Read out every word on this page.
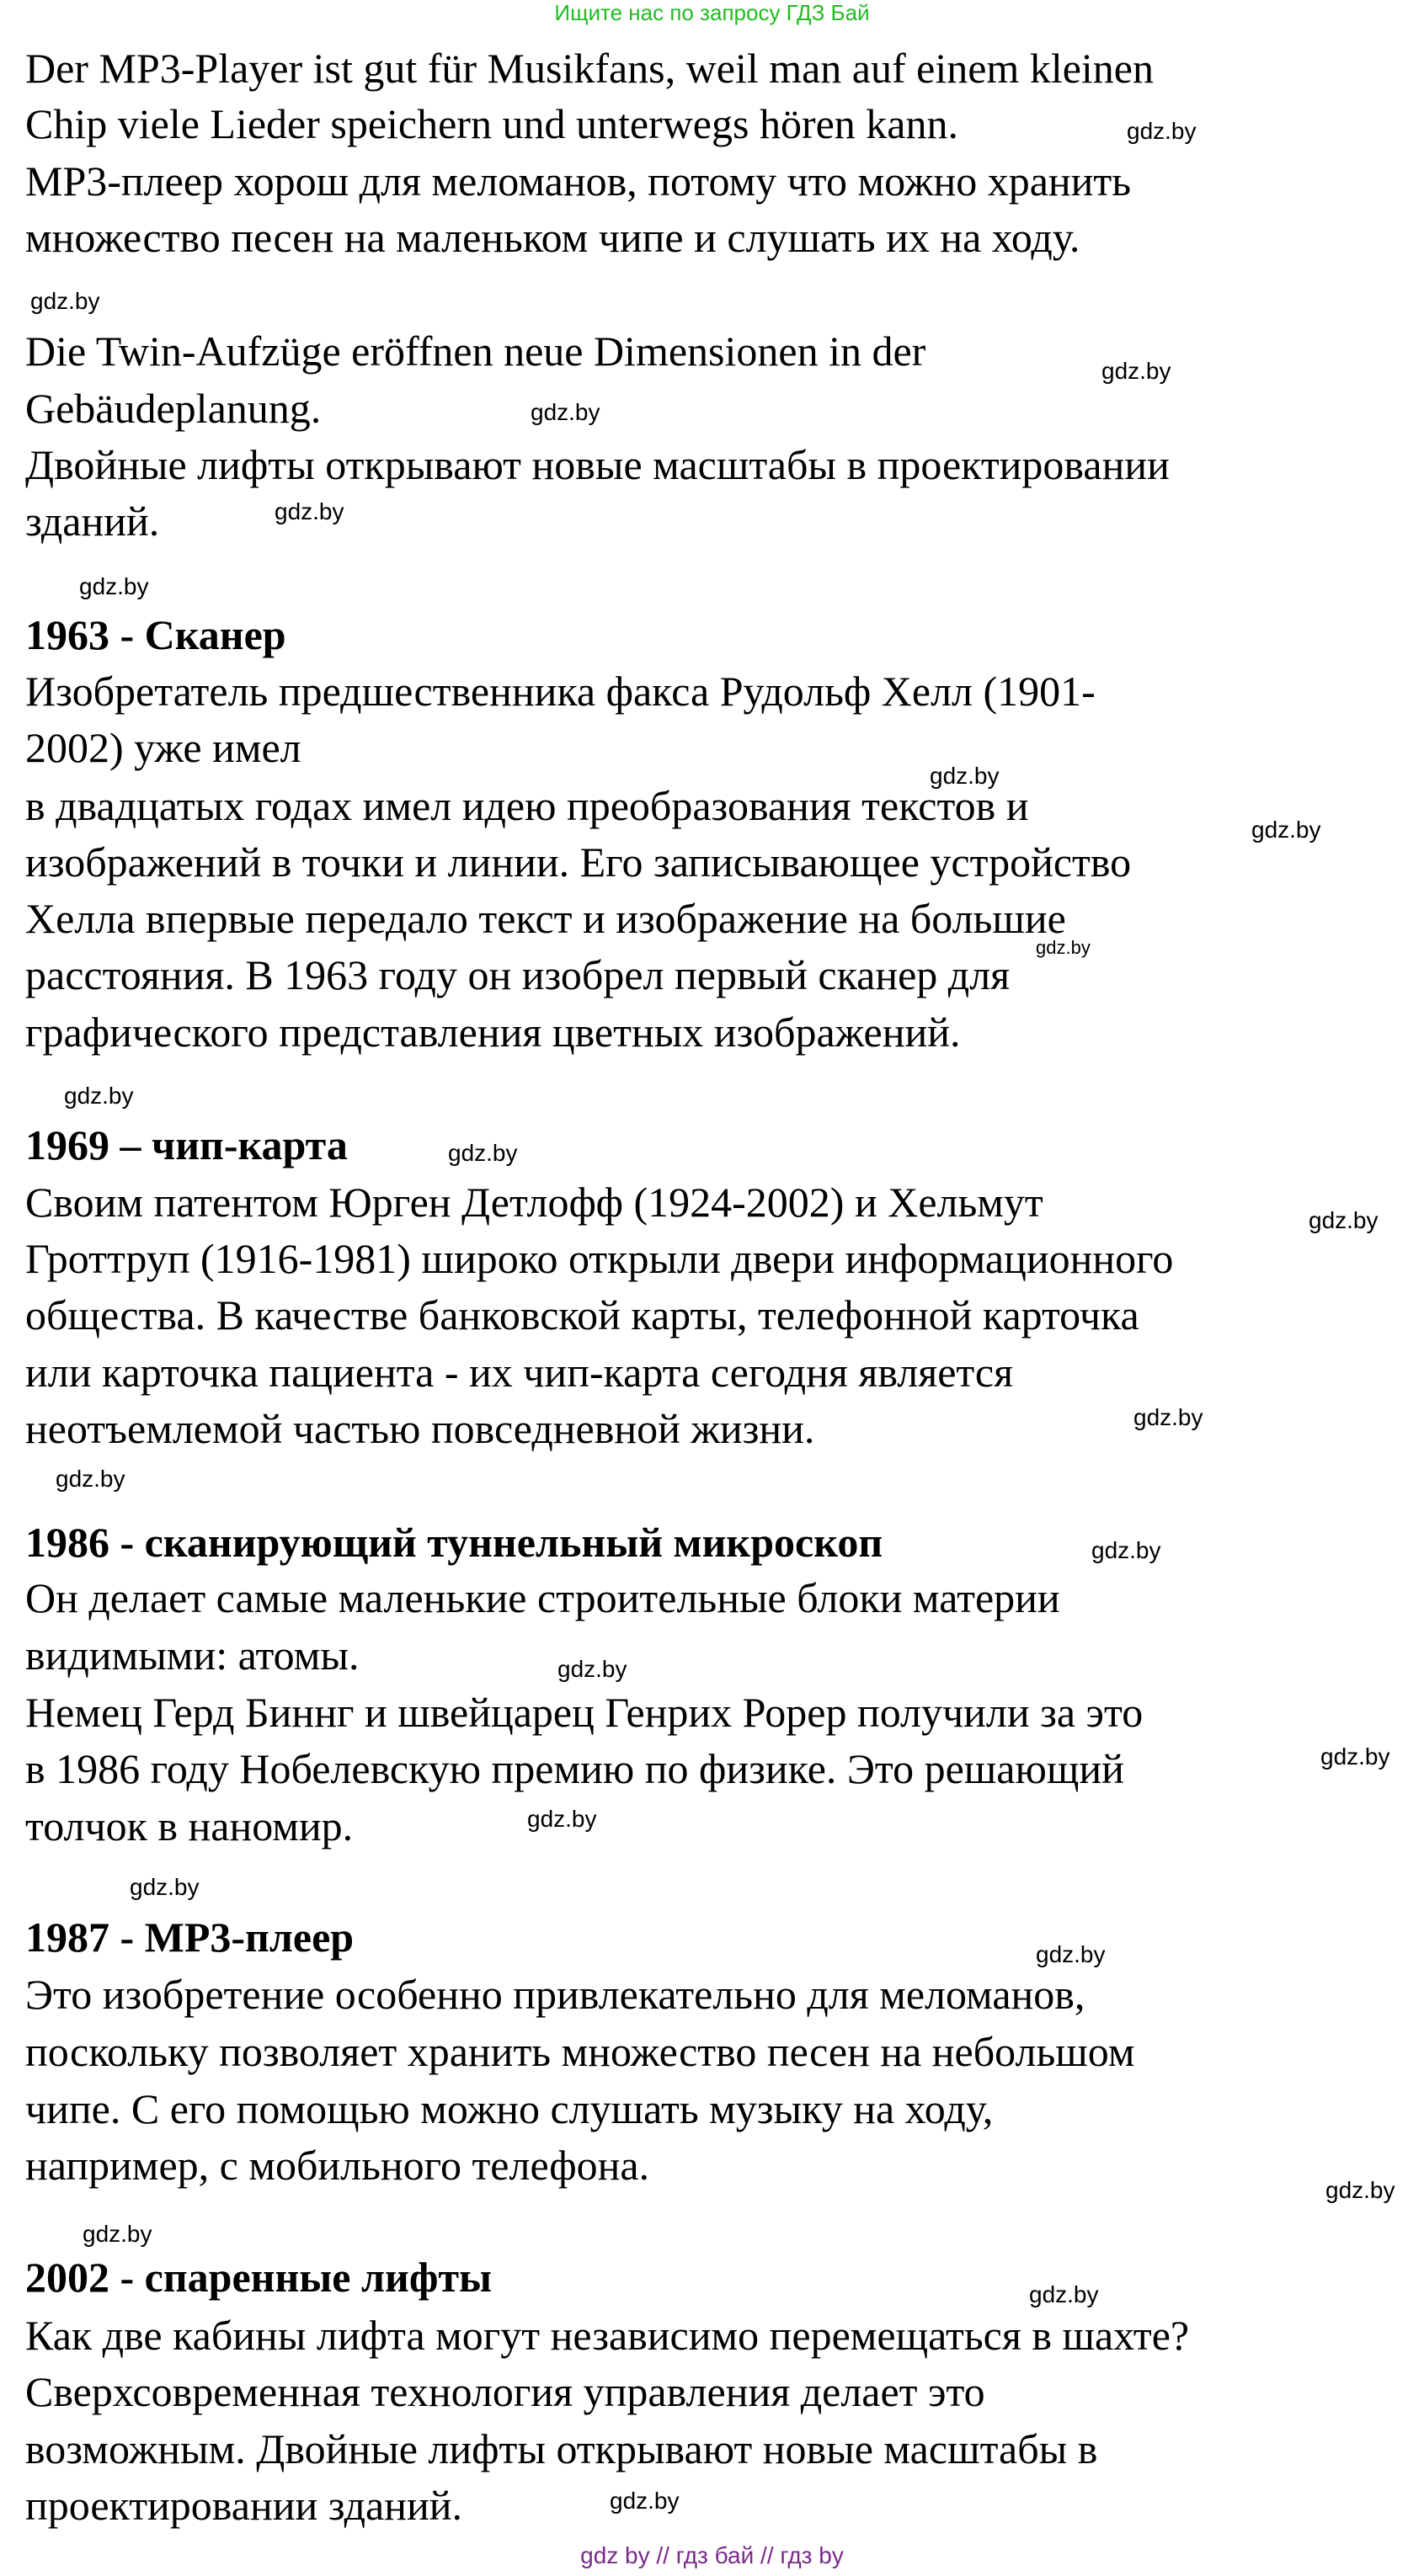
Ищите нас по запросу ГДЗ Бай

Der MP3-Player ist gut für Musikfans, weil man auf einem kleinen

Chip viele Lieder speichern und unterwegs hören kann.

MP3-плеер хорош для меломанов, потому что можно хранить

множество песен на маленьком чипе и слушать их на ходу.

Die Twin-Aufzüge eröffnen neue Dimensionen in der

Gebäudeplanung.

Двойные лифты открывают новые масштабы в проектировании

зданий.

1963 - Сканер

Изобретатель предшественника факса Рудольф Хелл (1901-

2002) уже имел

в двадцатых годах имел идею преобразования текстов и

изображений в точки и линии. Его записывающее устройство

Хелла впервые передало текст и изображение на большие

расстояния. В 1963 году он изобрел первый сканер для

графического представления цветных изображений.

1969 – чип-карта

Своим патентом Юрген Детлофф (1924-2002) и Хельмут

Гроттруп (1916-1981) широко открыли двери информационного

общества. В качестве банковской карты, телефонной карточка

или карточка пациента - их чип-карта сегодня является

неотъемлемой частью повседневной жизни.

1986 - сканирующий туннельный микроскоп

Он делает самые маленькие строительные блоки материи

видимыми: атомы.

Немец Герд Биннг и швейцарец Генрих Рорер получили за это

в 1986 году Нобелевскую премию по физике. Это решающий

толчок в наномир.

1987 - MP3-плеер

Это изобретение особенно привлекательно для меломанов,

поскольку позволяет хранить множество песен на небольшом

чипе. С его помощью можно слушать музыку на ходу,

например, с мобильного телефона.

2002 - спаренные лифты

Как две кабины лифта могут независимо перемещаться в шахте?

Сверхсовременная технология управления делает это

возможным. Двойные лифты открывают новые масштабы в

проектировании зданий.

gdz.by
gdz.by
gdz.by
gdz.by
gdz.by
gdz.by
gdz.by
gdz.by
gdz.by
gdz.by
gdz.by
gdz.by
gdz.by
gdz.by
gdz.by
gdz.by
gdz.by
gdz.by
gdz.by
gdz.by
gdz.by
gdz.by
gdz.by
gdz.by
gdz by // гдз бай // гдз by
